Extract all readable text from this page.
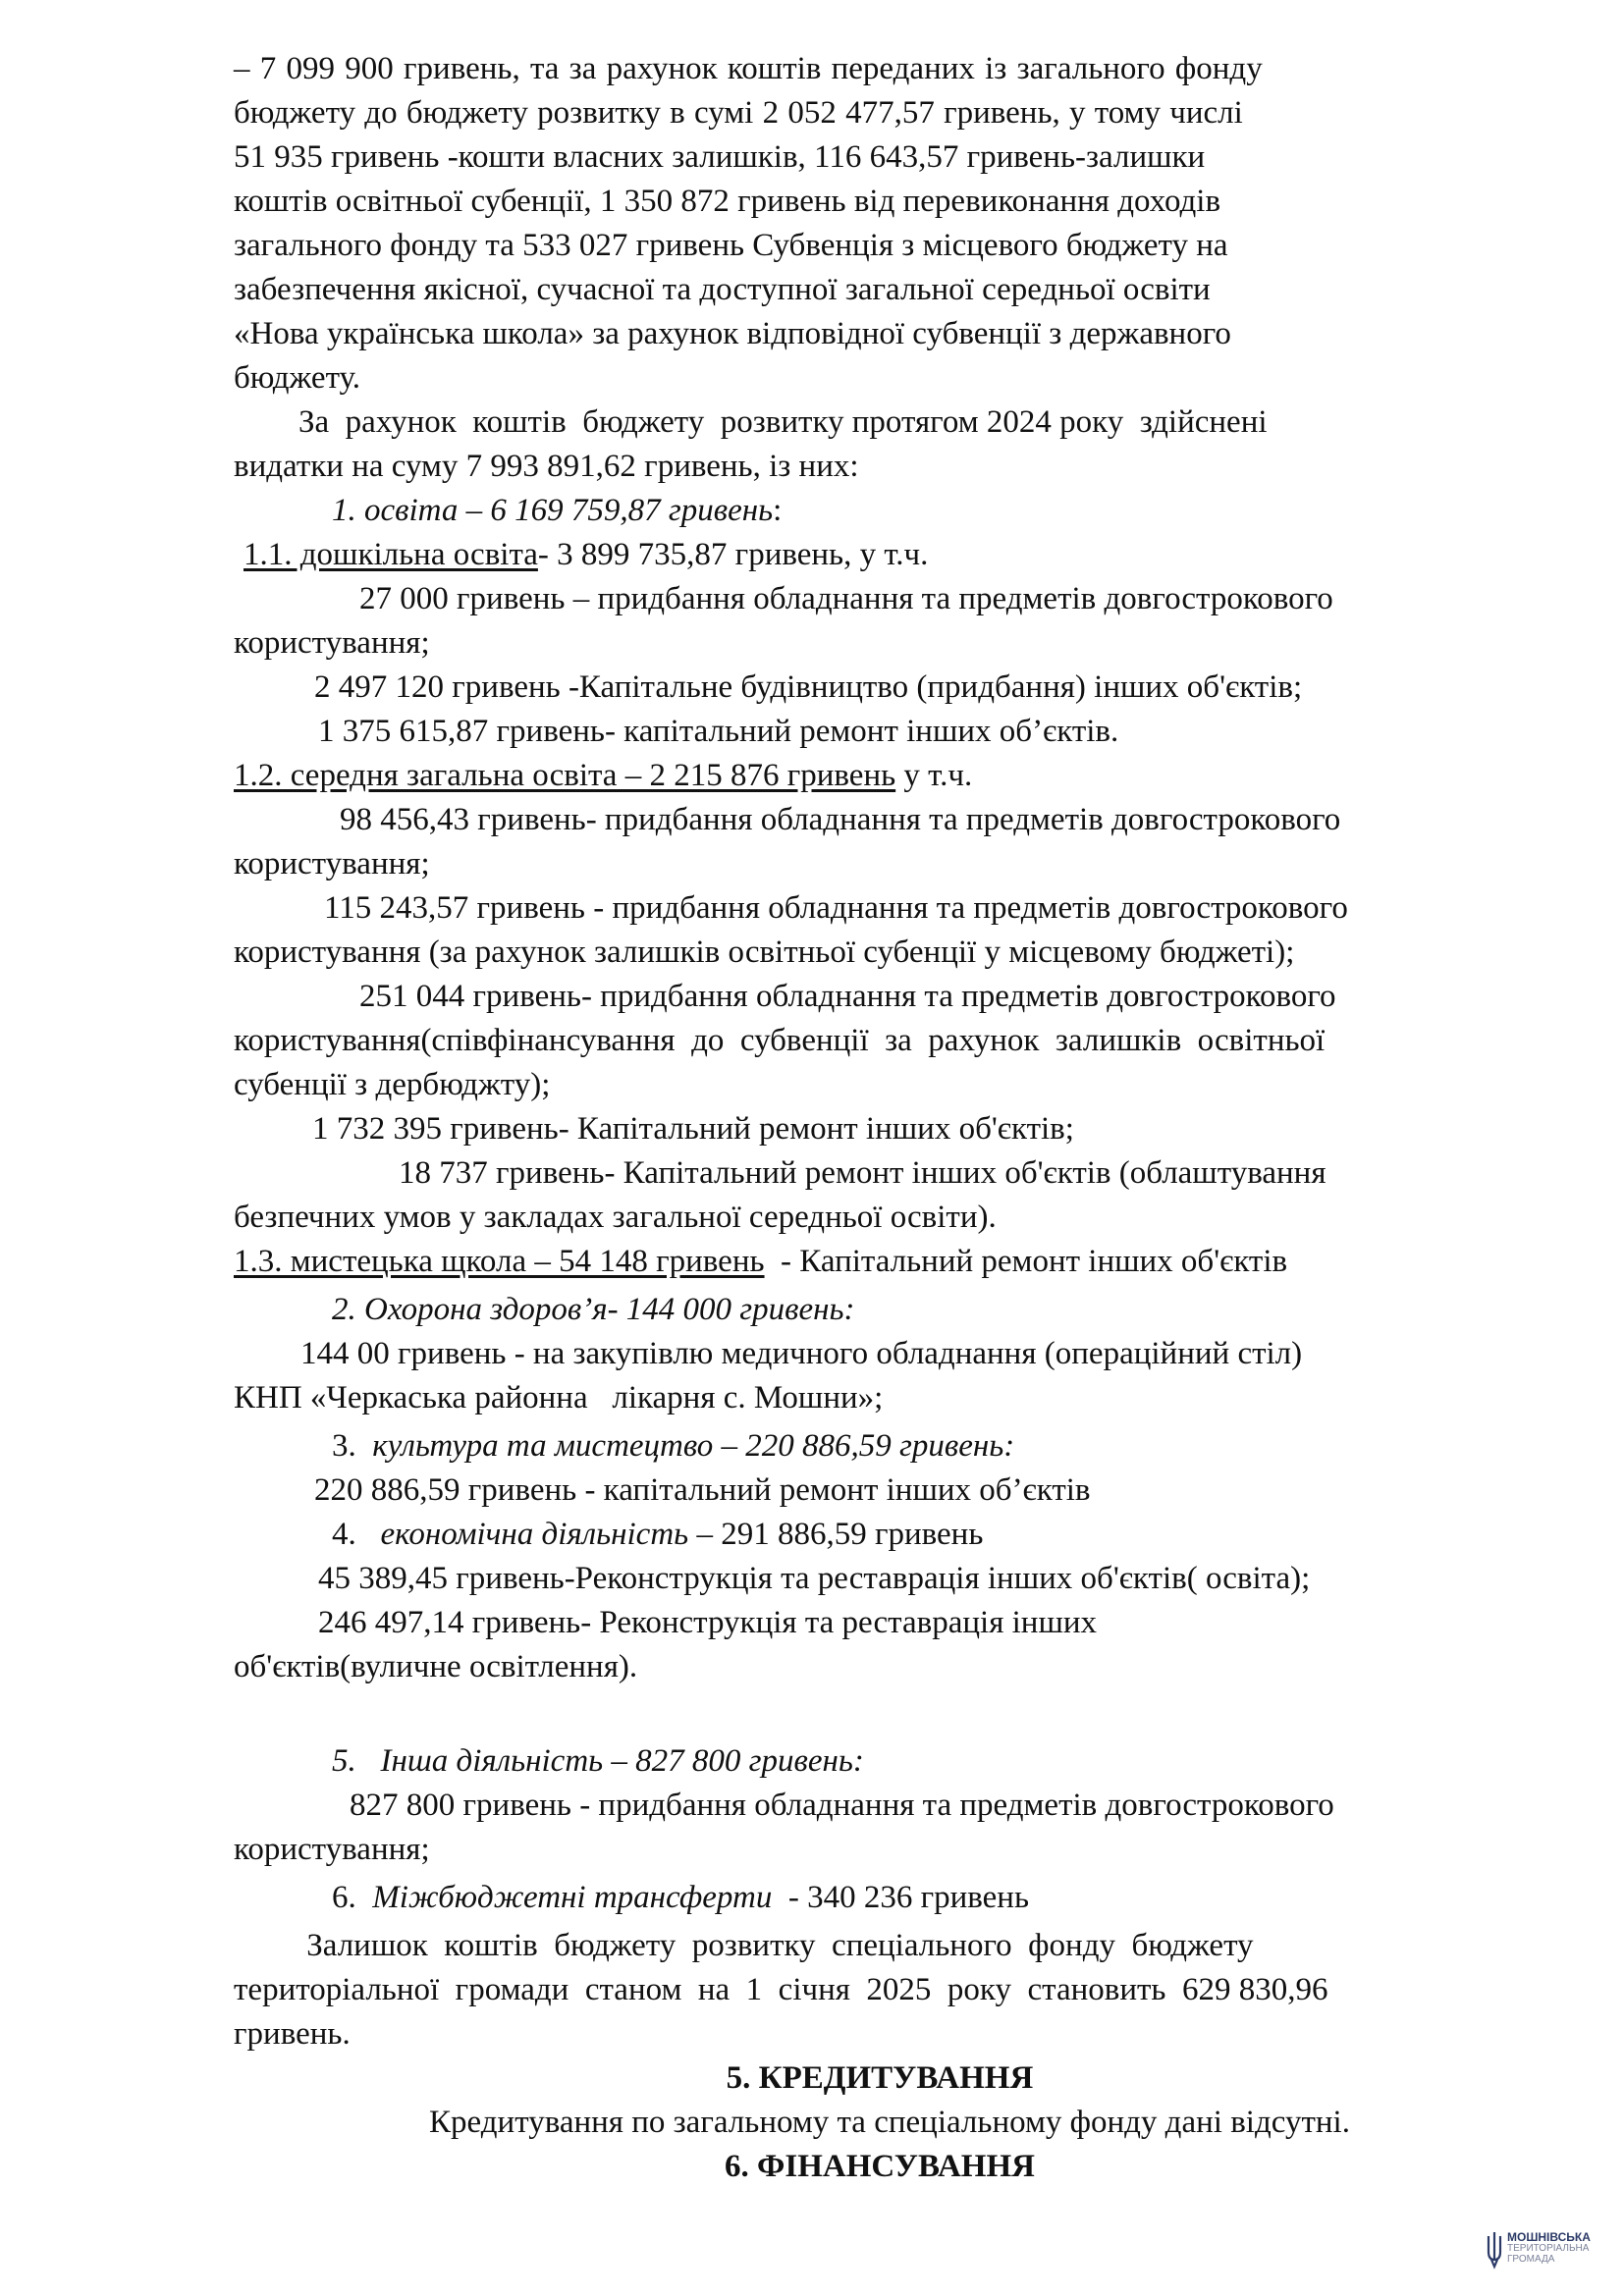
– 7 099 900 гривень, та за рахунок коштів переданих із загального фонду

бюджету до бюджету розвитку в сумі 2 052 477,57 гривень, у тому числі

51 935 гривень -кошти власних залишків, 116 643,57 гривень-залишки

коштів освітньої субенції, 1 350 872 гривень від перевиконання доходів

загального фонду та 533 027 гривень Субвенція з місцевого бюджету на

забезпечення якісної, сучасної та доступної загальної середньої освіти

«Нова українська школа» за рахунок відповідної субвенції з державного

бюджету.

За  рахунок  коштів  бюджету  розвитку протягом 2024 року  здійснені

видатки на суму 7 993 891,62 гривень, із них:

1. освіта – 6 169 759,87 гривень:

1.1. дошкільна освіта- 3 899 735,87 гривень, у т.ч.

27 000 гривень – придбання обладнання та предметів довгострокового

користування;

2 497 120 гривень -Капітальне будівництво (придбання) інших об'єктів;

1 375 615,87 гривень- капітальний ремонт інших об’єктів.

1.2. середня загальна освіта – 2 215 876 гривень у т.ч.

98 456,43 гривень- придбання обладнання та предметів довгострокового

користування;

115 243,57 гривень - придбання обладнання та предметів довгострокового

користування (за рахунок залишків освітньої субенції у місцевому бюджеті);

251 044 гривень- придбання обладнання та предметів довгострокового

користування(співфінансування  до  субвенції  за  рахунок  залишків  освітньої

субенції з дербюджту);

1 732 395 гривень- Капітальний ремонт інших об'єктів;

18 737 гривень- Капітальний ремонт інших об'єктів (облаштування

безпечних умов у закладах загальної середньої освіти).

1.3. мистецька щкола – 54 148 гривень  - Капітальний ремонт інших об'єктів

2. Охорона здоров’я- 144 000 гривень:

144 00 гривень - на закупівлю медичного обладнання (операційний стіл)

КНП «Черкаська районна   лікарня с. Мошни»;

3.  культура та мистецтво – 220 886,59 гривень:

220 886,59 гривень - капітальний ремонт інших об’єктів

4.   економічна діяльність – 291 886,59 гривень

45 389,45 гривень-Реконструкція та реставрація інших об'єктів( освіта);

246 497,14 гривень- Реконструкція та реставрація інших

об'єктів(вуличне освітлення).

5.   Інша діяльність – 827 800 гривень:

827 800 гривень - придбання обладнання та предметів довгострокового

користування;

6.  Міжбюджетні трансферти  - 340 236 гривень

Залишок  коштів  бюджету  розвитку  спеціального  фонду  бюджету

територіальної  громади  станом  на  1  січня  2025  року  становить  629 830,96

гривень.

5. КРЕДИТУВАННЯ

Кредитування по загальному та спеціальному фонду дані відсутні.

6. ФІНАНСУВАННЯ

МОШНІВСЬКА
ТЕРИТОРІАЛЬНА
ГРОМАДА
